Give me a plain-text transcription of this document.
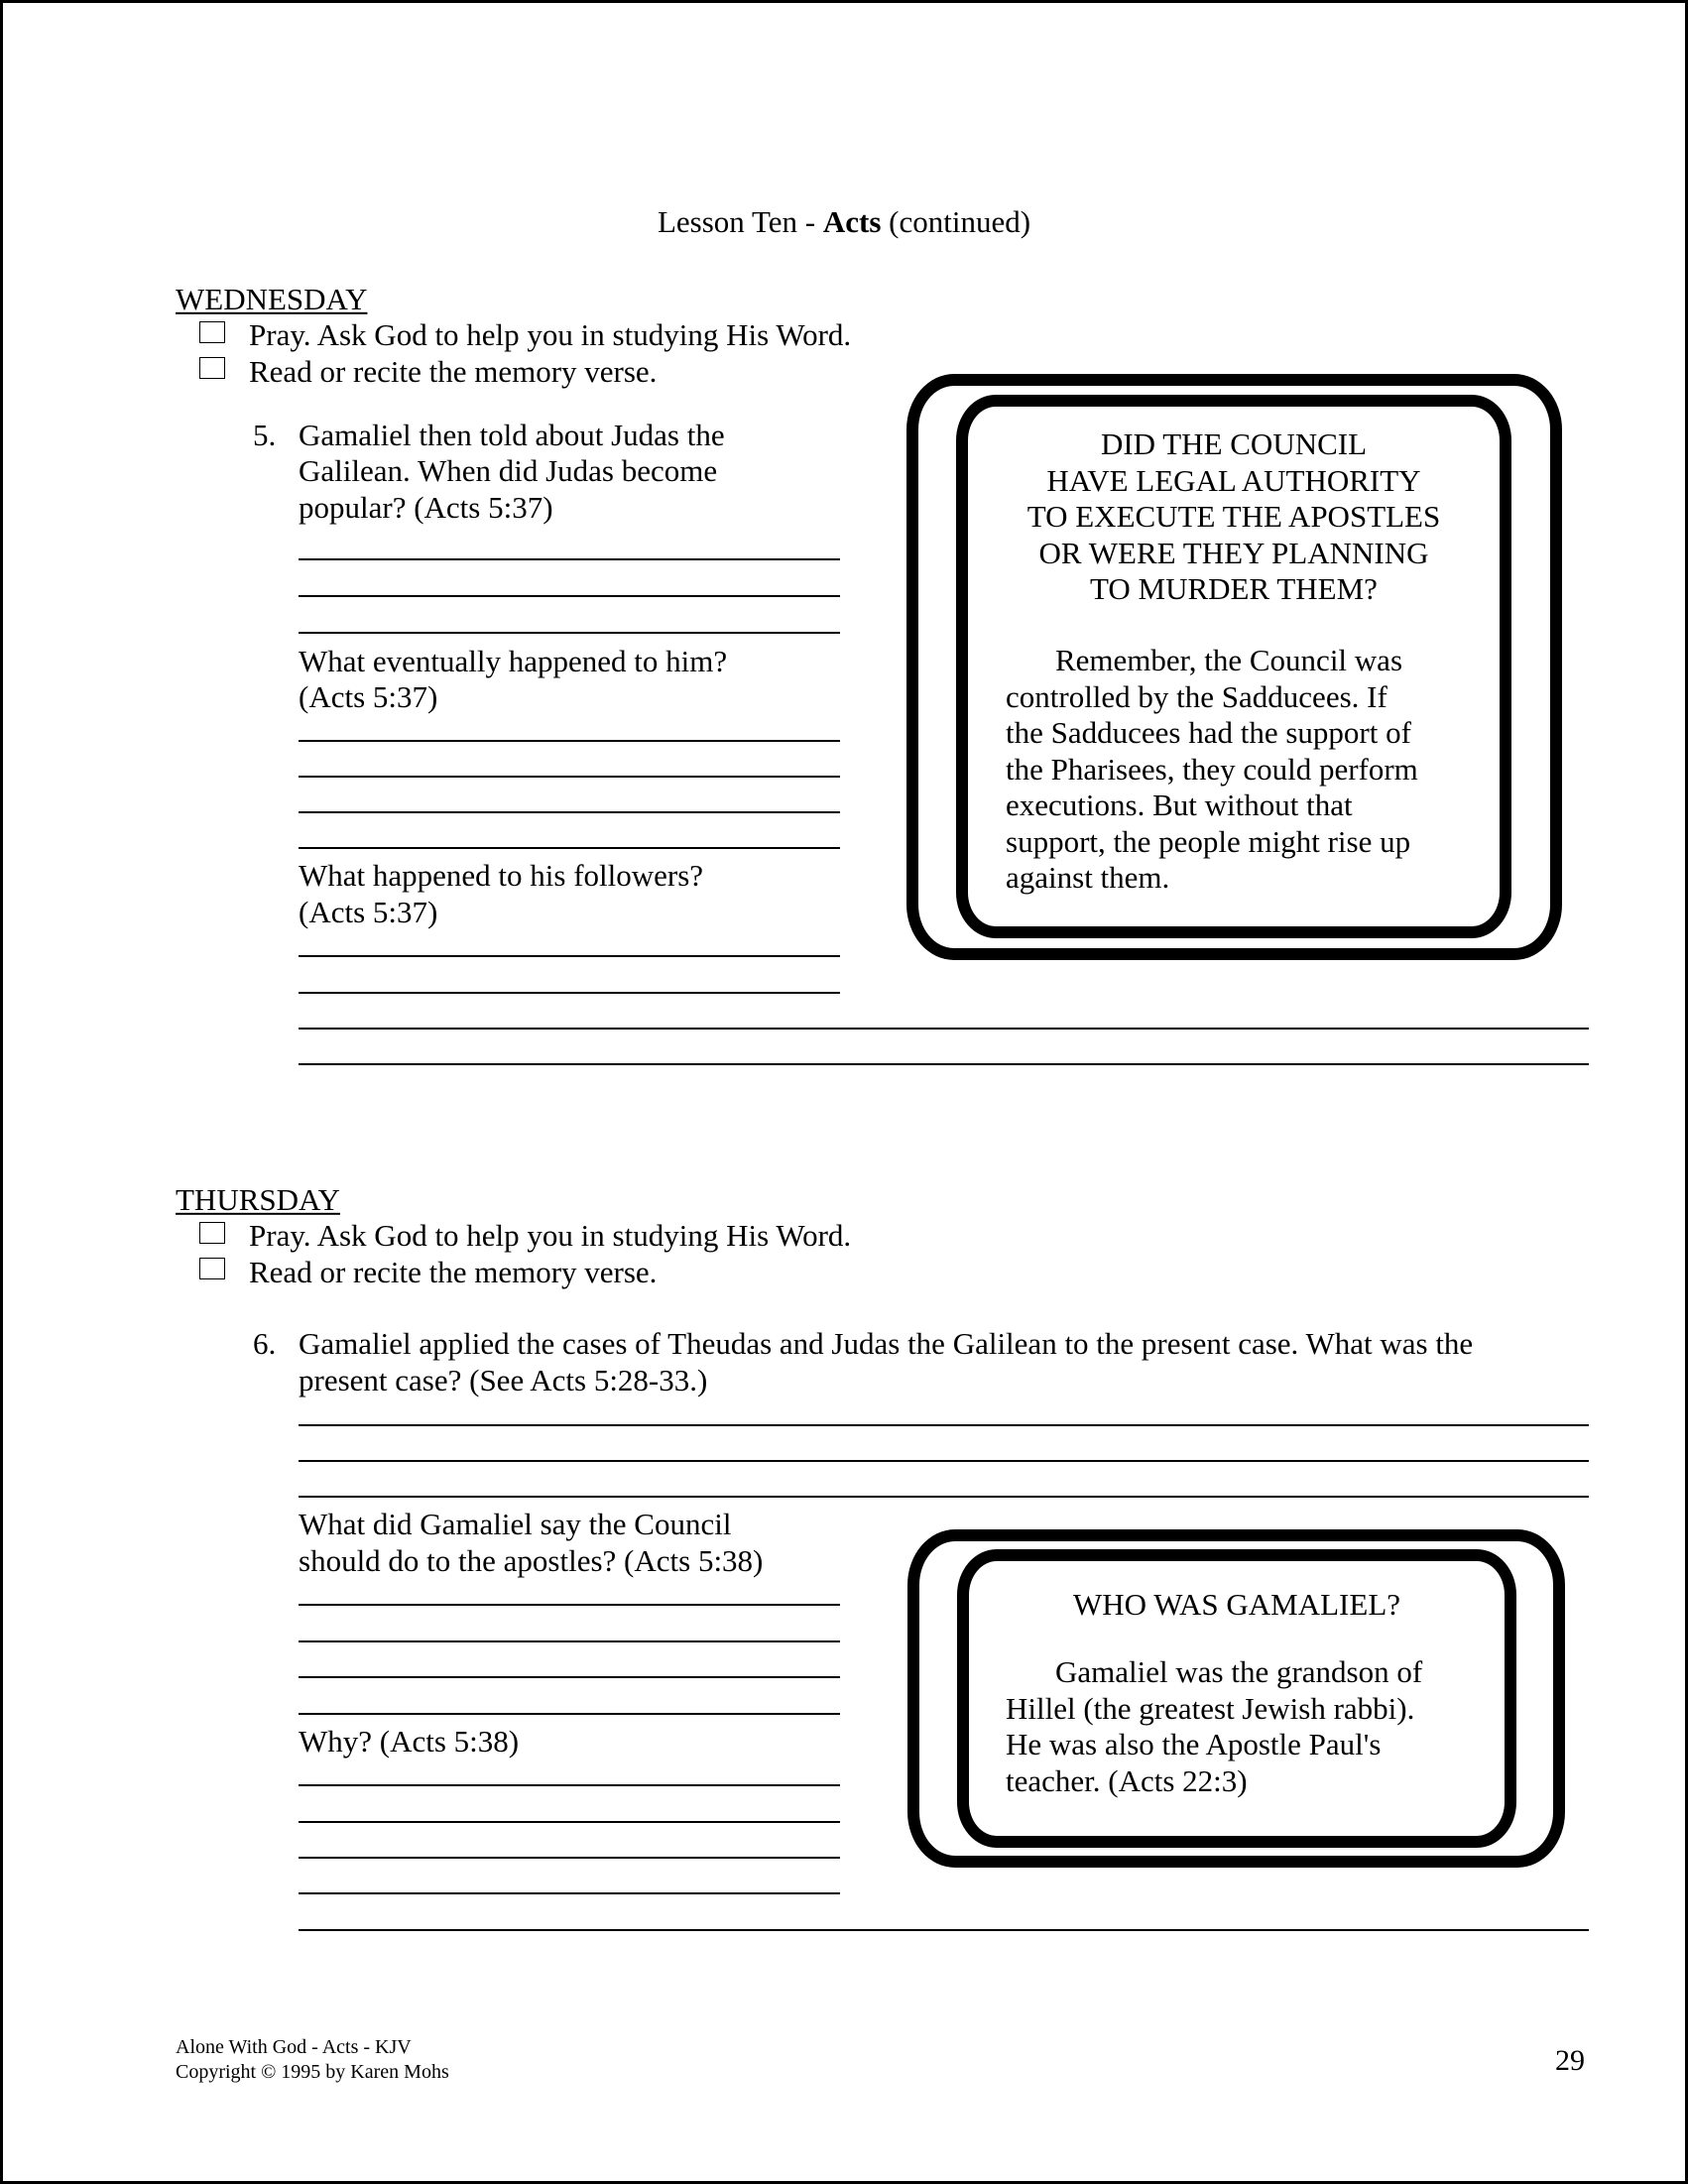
Lesson Ten - Acts (continued)
WEDNESDAY
Pray. Ask God to help you in studying His Word.
Read or recite the memory verse.
5. Gamaliel then told about Judas the
Galilean. When did Judas become
popular? (Acts 5:37)
What eventually happened to him?
(Acts 5:37)
What happened to his followers?
(Acts 5:37)
DID THE COUNCIL
HAVE LEGAL AUTHORITY
TO EXECUTE THE APOSTLES
OR WERE THEY PLANNING
TO MURDER THEM?
Remember, the Council was
controlled by the Sadducees. If
the Sadducees had the support of
the Pharisees, they could perform
executions. But without that
support, the people might rise up
against them.
THURSDAY
Pray. Ask God to help you in studying His Word.
Read or recite the memory verse.
6. Gamaliel applied the cases of Theudas and Judas the Galilean to the present case. What was the
present case? (See Acts 5:28-33.)
What did Gamaliel say the Council
should do to the apostles? (Acts 5:38)
Why? (Acts 5:38)
WHO WAS GAMALIEL?
Gamaliel was the grandson of
Hillel (the greatest Jewish rabbi).
He was also the Apostle Paul's
teacher. (Acts 22:3)
Alone With God - Acts - KJV
Copyright © 1995 by Karen Mohs	29
